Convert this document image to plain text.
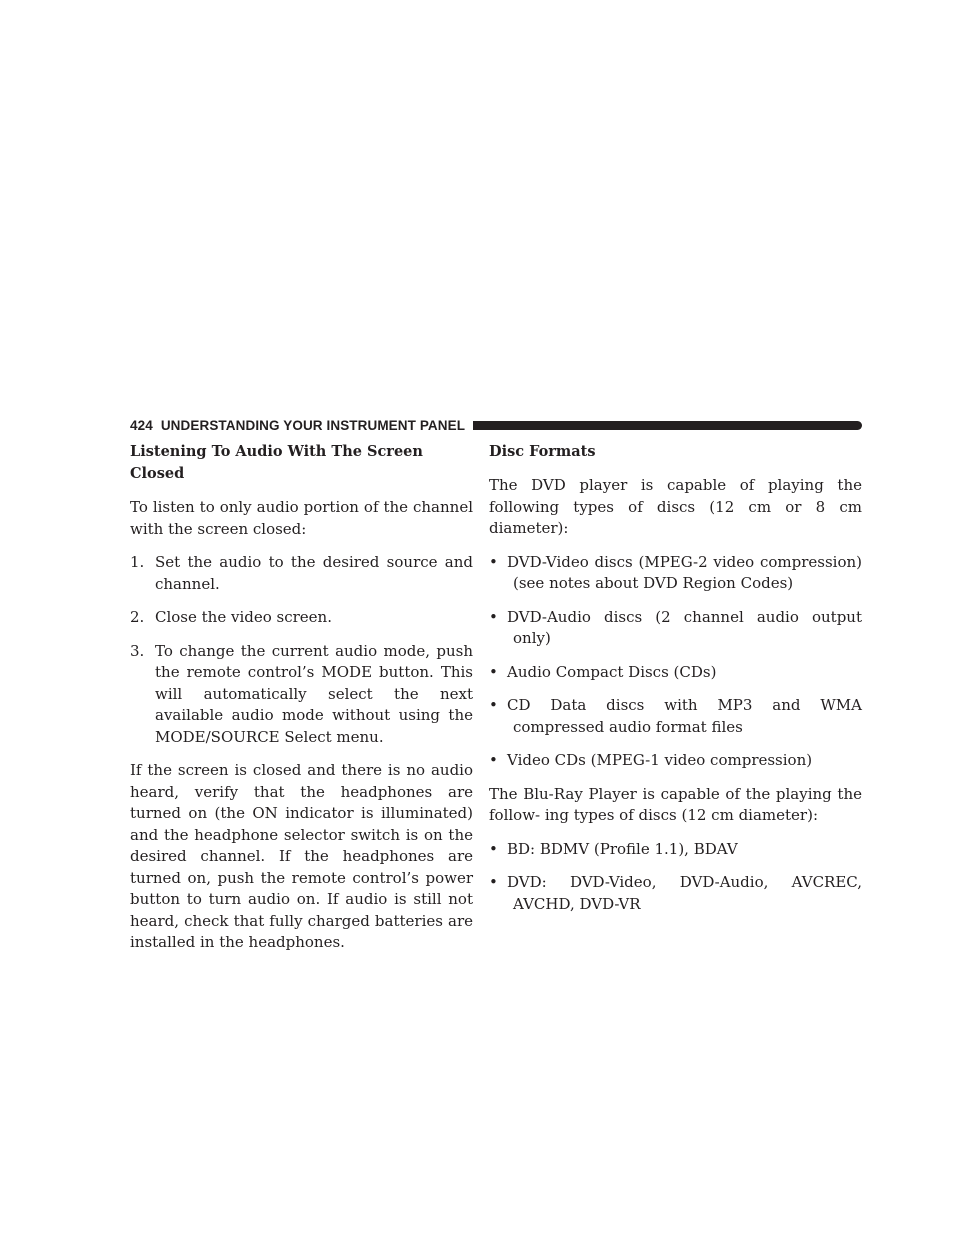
424 UNDERSTANDING YOUR INSTRUMENT PANEL
Listening To Audio With The Screen Closed

To listen to only audio portion of the channel with the screen closed:

1. Set the audio to the desired source and channel.
2. Close the video screen.
3. To change the current audio mode, push the remote control’s MODE button. This will automatically select the next available audio mode without using the MODE/SOURCE Select menu.

If the screen is closed and there is no audio heard, verify that the headphones are turned on (the ON indicator is illuminated) and the headphone selector switch is on the desired channel. If the headphones are turned on, push the remote control’s power button to turn audio on. If audio is still not heard, check that fully charged batteries are installed in the headphones.

Disc Formats

The DVD player is capable of playing the following types of discs (12 cm or 8 cm diameter):

• DVD-Video discs (MPEG-2 video compression) (see notes about DVD Region Codes)
• DVD-Audio discs (2 channel audio output only)
• Audio Compact Discs (CDs)
• CD Data discs with MP3 and WMA compressed audio format files
• Video CDs (MPEG-1 video compression)

The Blu-Ray Player is capable of the playing the follow- ing types of discs (12 cm diameter):

• BD: BDMV (Profile 1.1), BDAV
• DVD: DVD-Video, DVD-Audio, AVCREC, AVCHD, DVD-VR
